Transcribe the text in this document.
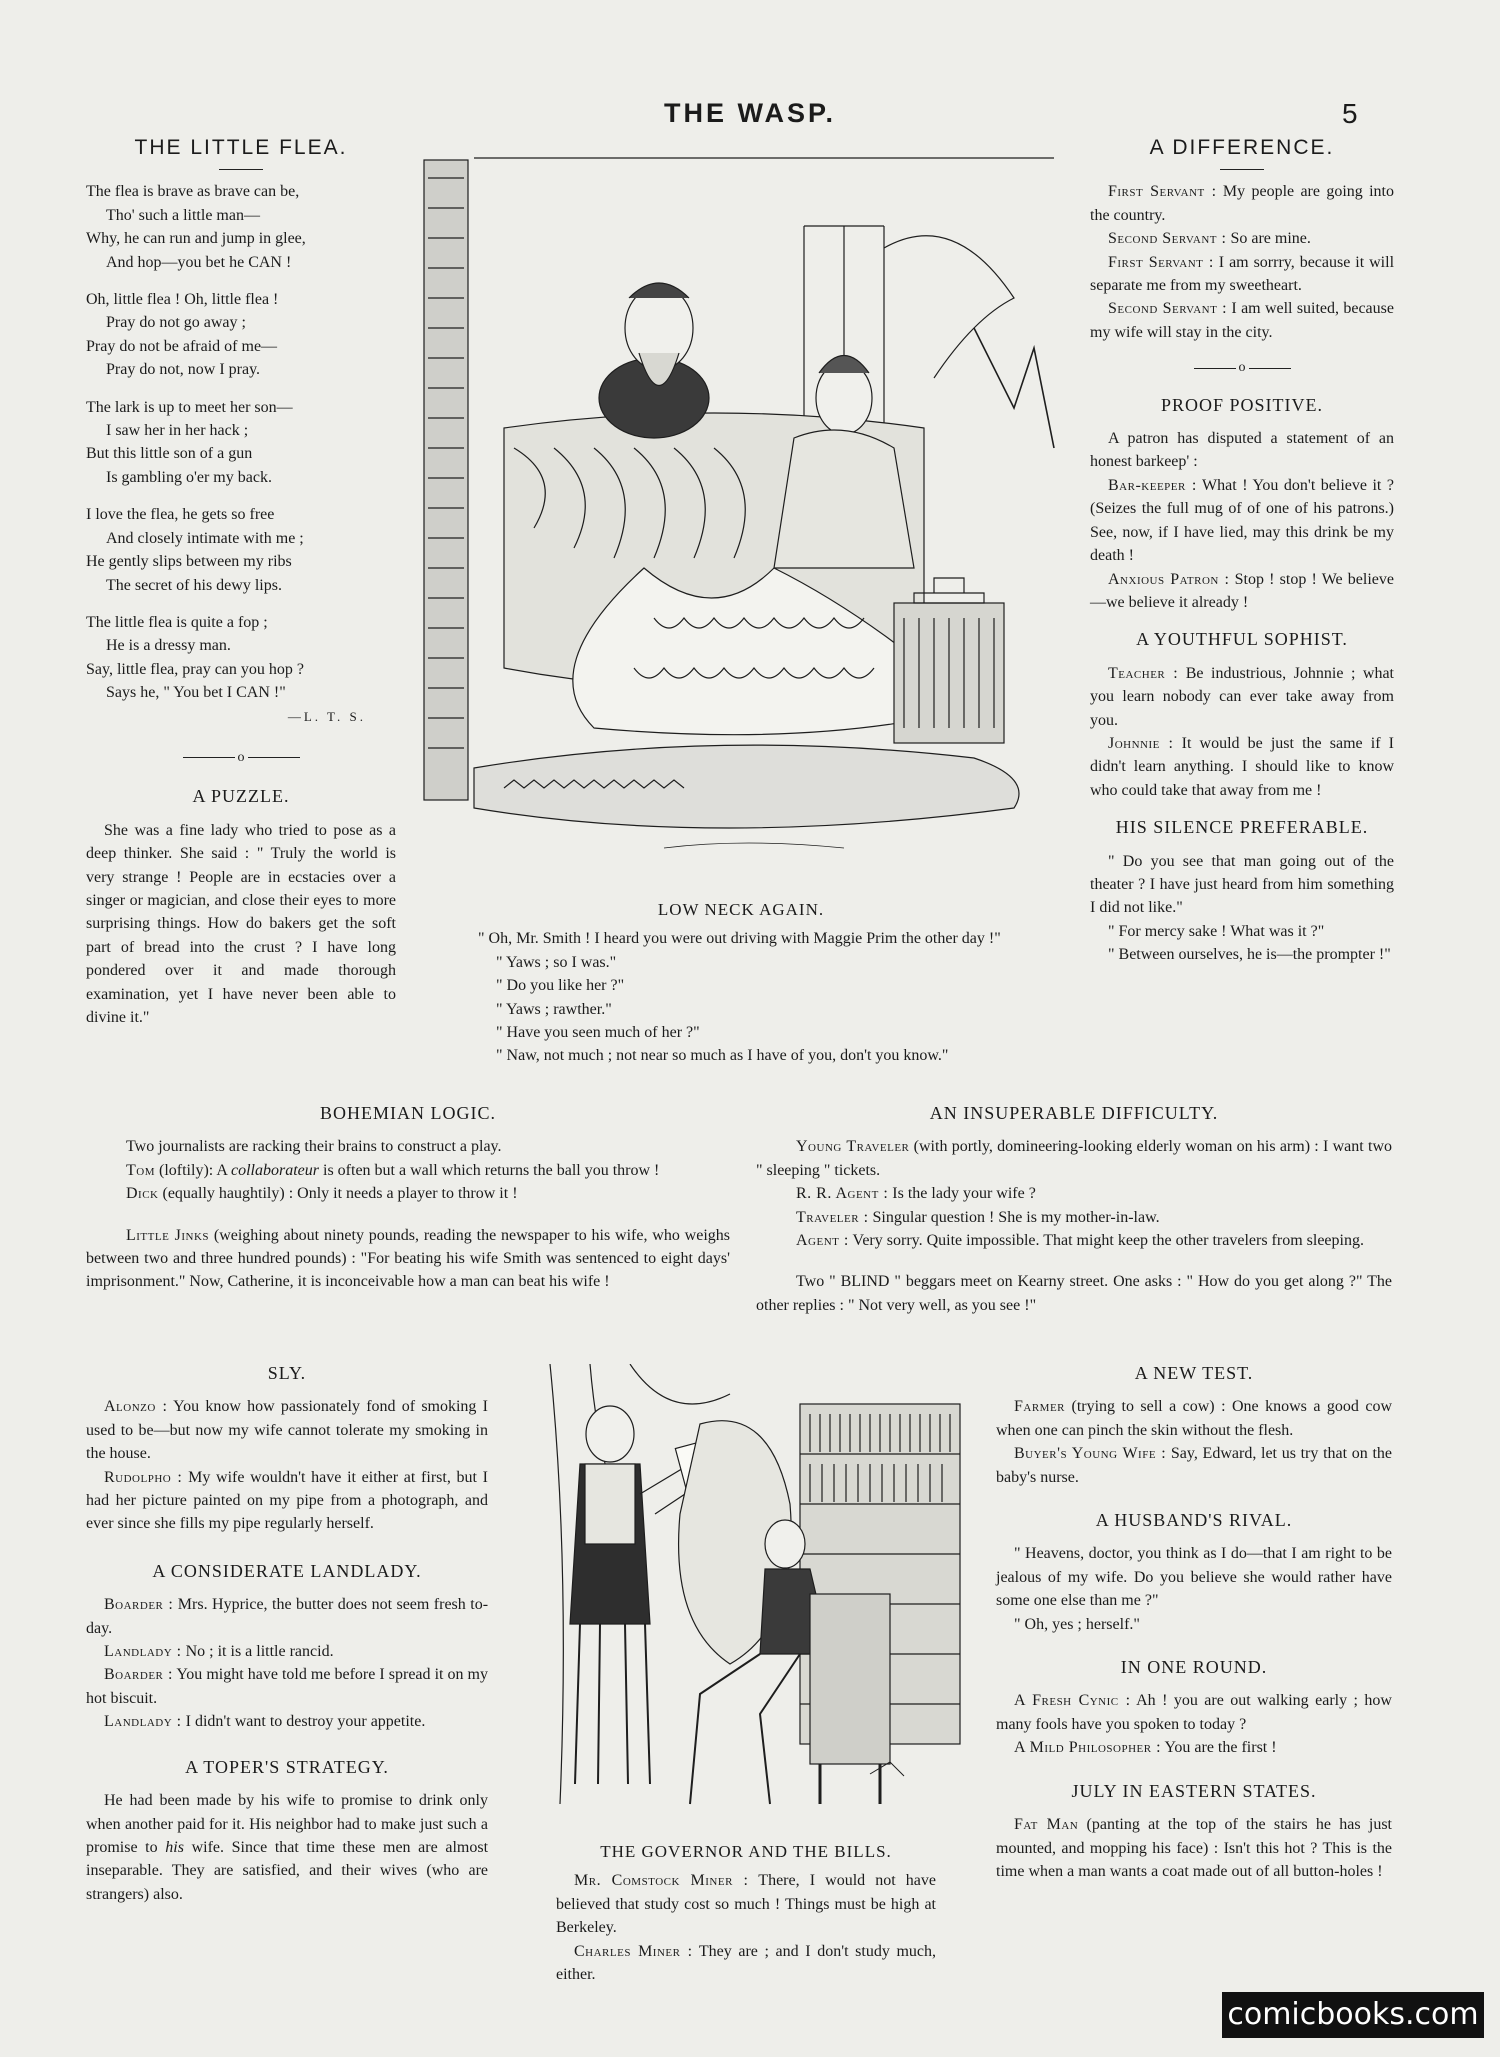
THE WASP.	5
THE LITTLE FLEA.

The flea is brave as brave can be,

Tho' such a little man—

Why, he can run and jump in glee,

And hop—you bet he CAN !

Oh, little flea ! Oh, little flea !

Pray do not go away ;

Pray do not be afraid of me—

Pray do not, now I pray.

The lark is up to meet her son—

I saw her in her hack ;

But this little son of a gun

Is gambling o'er my back.

I love the flea, he gets so free

And closely intimate with me ;

He gently slips between my ribs

The secret of his dewy lips.

The little flea is quite a fop ;

He is a dressy man.

Say, little flea, pray can you hop ?

Says he, " You bet I CAN !"

—L. T. S.
o
A PUZZLE.

She was a fine lady who tried to pose as a deep thinker. She said : " Truly the world is very strange ! People are in ecstacies over a singer or magician, and close their eyes to more surprising things. How do bakers get the soft part of bread into the crust ? I have long pondered over it and made thorough examination, yet I have never been able to divine it."

LOW NECK AGAIN.

" Oh, Mr. Smith ! I heard you were out driving with Maggie Prim the other day !"

" Yaws ; so I was."

" Do you like her ?"

" Yaws ; rawther."

" Have you seen much of her ?"

" Naw, not much ; not near so much as I have of you, don't you know."

A DIFFERENCE.

First Servant : My people are going into the country.

Second Servant : So are mine.

First Servant : I am sorrry, because it will separate me from my sweetheart.

Second Servant : I am well suited, because my wife will stay in the city.

o
PROOF POSITIVE.

A patron has disputed a statement of an honest barkeep' :

Bar-keeper : What ! You don't believe it ? (Seizes the full mug of of one of his patrons.) See, now, if I have lied, may this drink be my death !

Anxious Patron : Stop ! stop ! We believe—we believe it already !

A YOUTHFUL SOPHIST.

Teacher : Be industrious, Johnnie ; what you learn nobody can ever take away from you.

Johnnie : It would be just the same if I didn't learn anything. I should like to know who could take that away from me !

HIS SILENCE PREFERABLE.

" Do you see that man going out of the theater ? I have just heard from him something I did not like."

" For mercy sake ! What was it ?"

" Between ourselves, he is—the prompter !"

BOHEMIAN LOGIC.

Two journalists are racking their brains to construct a play.

Tom (loftily): A collaborateur is often but a wall which returns the ball you throw !

Dick (equally haughtily) : Only it needs a player to throw it !

Little Jinks (weighing about ninety pounds, reading the newspaper to his wife, who weighs between two and three hundred pounds) : "For beating his wife Smith was sentenced to eight days' imprisonment." Now, Catherine, it is inconceivable how a man can beat his wife !

AN INSUPERABLE DIFFICULTY.

Young Traveler (with portly, domineering-looking elderly woman on his arm) : I want two " sleeping " tickets.

R. R. Agent : Is the lady your wife ?

Traveler : Singular question ! She is my mother-in-law.

Agent : Very sorry. Quite impossible. That might keep the other travelers from sleeping.

Two " BLIND " beggars meet on Kearny street. One asks : " How do you get along ?" The other replies : " Not very well, as you see !"

SLY.

Alonzo : You know how passionately fond of smoking I used to be—but now my wife cannot tolerate my smoking in the house.

Rudolpho : My wife wouldn't have it either at first, but I had her picture painted on my pipe from a photograph, and ever since she fills my pipe regularly herself.

A CONSIDERATE LANDLADY.

Boarder : Mrs. Hyprice, the butter does not seem fresh to-day.

Landlady : No ; it is a little rancid.

Boarder : You might have told me before I spread it on my hot biscuit.

Landlady : I didn't want to destroy your appetite.

A TOPER'S STRATEGY.

He had been made by his wife to promise to drink only when another paid for it. His neighbor had to make just such a promise to his wife. Since that time these men are almost inseparable. They are satisfied, and their wives (who are strangers) also.

THE GOVERNOR AND THE BILLS.

Mr. Comstock Miner : There, I would not have believed that study cost so much ! Things must be high at Berkeley.

Charles Miner : They are ; and I don't study much, either.

A NEW TEST.

Farmer (trying to sell a cow) : One knows a good cow when one can pinch the skin without the flesh.

Buyer's Young Wife : Say, Edward, let us try that on the baby's nurse.

A HUSBAND'S RIVAL.

" Heavens, doctor, you think as I do—that I am right to be jealous of my wife. Do you believe she would rather have some one else than me ?"

" Oh, yes ; herself."

IN ONE ROUND.

A Fresh Cynic : Ah ! you are out walking early ; how many fools have you spoken to today ?

A Mild Philosopher : You are the first !

JULY IN EASTERN STATES.

Fat Man (panting at the top of the stairs he has just mounted, and mopping his face) : Isn't this hot ? This is the time when a man wants a coat made out of all button-holes !

comicbooks.com
